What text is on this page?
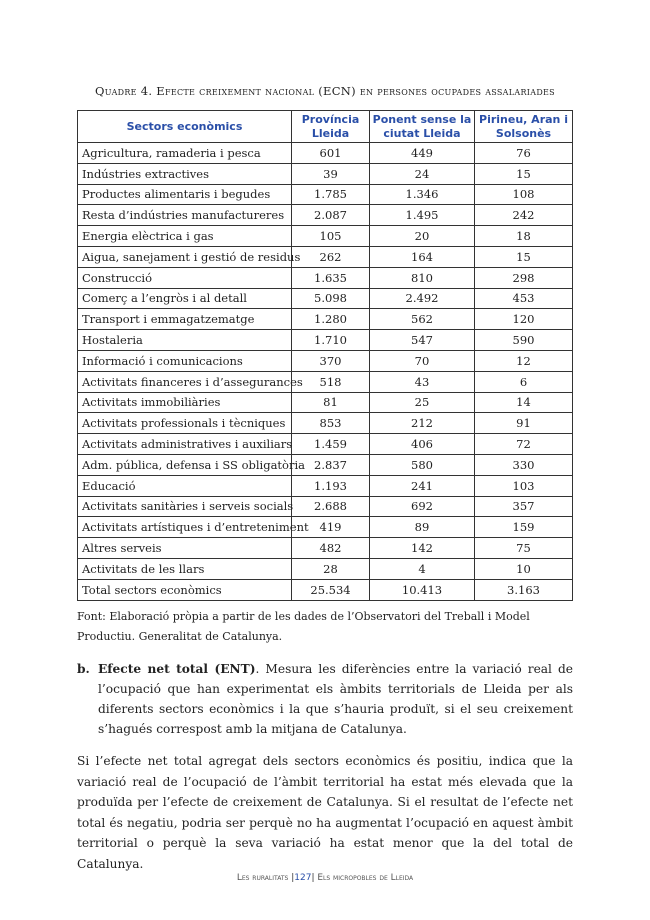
Quadre 4. Efecte creixement nacional (ECN) en persones ocupades assalariades
Sectors econòmics	Província Lleida	Ponent sense la ciutat Lleida	Pirineu, Aran i Solsonès
Agricultura, ramaderia i pesca	601	449	76
Indústries extractives	39	24	15
Productes alimentaris i begudes	1.785	1.346	108
Resta d’indústries manufactureres	2.087	1.495	242
Energia elèctrica i gas	105	20	18
Aigua, sanejament i gestió de residus	262	164	15
Construcció	1.635	810	298
Comerç a l’engròs i al detall	5.098	2.492	453
Transport i emmagatzematge	1.280	562	120
Hostaleria	1.710	547	590
Informació i comunicacions	370	70	12
Activitats financeres i d’assegurances	518	43	6
Activitats immobiliàries	81	25	14
Activitats professionals i tècniques	853	212	91
Activitats administratives i auxiliars	1.459	406	72
Adm. pública, defensa i SS obligatòria	2.837	580	330
Educació	1.193	241	103
Activitats sanitàries i serveis socials	2.688	692	357
Activitats artístiques i d’entreteniment	419	89	159
Altres serveis	482	142	75
Activitats de les llars	28	4	10
Total sectors econòmics	25.534	10.413	3.163
Font: Elaboració pròpia a partir de les dades de l’Observatori del Treball i Model Productiu. Generalitat de Catalunya.
b. Efecte net total (ENT). Mesura les diferències entre la variació real de l’ocupació que han experimentat els àmbits territorials de Lleida per als diferents sectors econòmics i la que s’hauria produït, si el seu creixement s’hagués correspost amb la mitjana de Catalunya.
Si l’efecte net total agregat dels sectors econòmics és positiu, indica que la variació real de l’ocupació de l’àmbit territorial ha estat més elevada que la produïda per l’efecte de creixement de Catalunya. Si el resultat de l’efecte net total és negatiu, podria ser perquè no ha augmentat l’ocupació en aquest àmbit territorial o perquè la seva variació ha estat menor que la del total de Catalunya.
Les ruralitats |127| Els micropobles de Lleida
